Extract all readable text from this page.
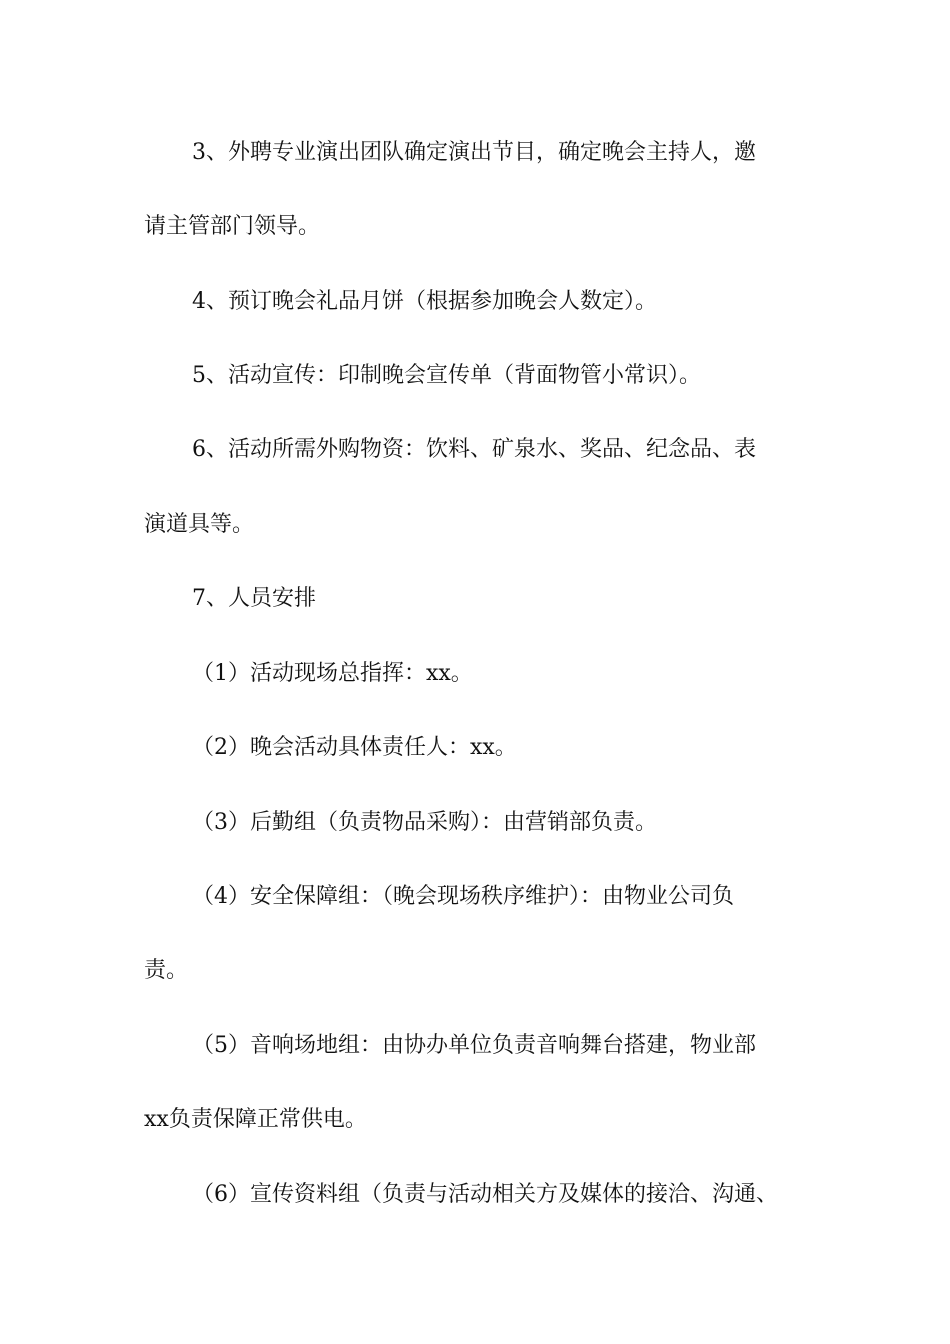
3、外聘专业演出团队确定演出节目，确定晚会主持人，邀

请主管部门领导。

4、预订晚会礼品月饼（根据参加晚会人数定）。

5、活动宣传：印制晚会宣传单（背面物管小常识）。

6、活动所需外购物资：饮料、矿泉水、奖品、纪念品、表

演道具等。

7、人员安排

（1）活动现场总指挥：xx。

（2）晚会活动具体责任人：xx。

（3）后勤组（负责物品采购）：由营销部负责。

（4）安全保障组：（晚会现场秩序维护）：由物业公司负

责。

（5）音响场地组：由协办单位负责音响舞台搭建，物业部

xx负责保障正常供电。

（6）宣传资料组（负责与活动相关方及媒体的接洽、沟通、
